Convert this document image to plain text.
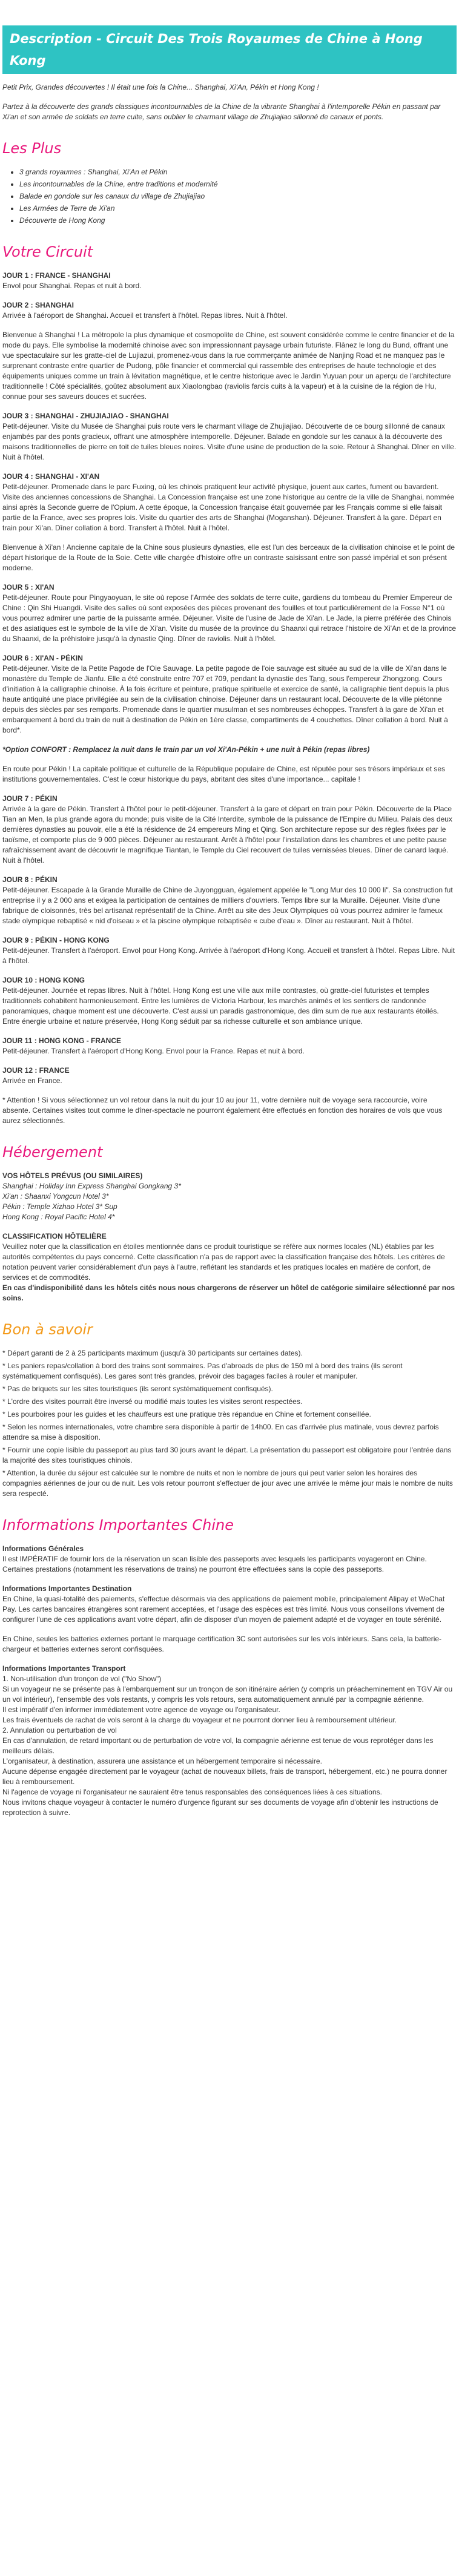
Description - Circuit Des Trois Royaumes de Chine à Hong Kong

Petit Prix, Grandes découvertes ! Il était une fois la Chine... Shanghai, Xi'An, Pékin et Hong Kong !

Partez à la découverte des grands classiques incontournables de la Chine de la vibrante Shanghai à l'intemporelle Pékin en passant par Xi'an et son armée de soldats en terre cuite, sans oublier le charmant village de Zhujiajiao sillonné de canaux et ponts.

Les Plus
• 3 grands royaumes : Shanghai, Xi'An et Pékin
• Les incontournables de la Chine, entre traditions et modernité
• Balade en gondole sur les canaux du village de Zhujiajiao
• Les Armées de Terre de Xi'an
• Découverte de Hong Kong
Votre Circuit
JOUR 1 : FRANCE - SHANGHAI
Envol pour Shanghai. Repas et nuit à bord.
JOUR 2 : SHANGHAI
Arrivée à l'aéroport de Shanghai. Accueil et transfert à l'hôtel. Repas libres. Nuit à l'hôtel.
Bienvenue à Shanghai ! La métropole la plus dynamique et cosmopolite de Chine, est souvent considérée comme le centre financier et de la mode du pays. Elle symbolise la modernité chinoise avec son impressionnant paysage urbain futuriste. Flânez le long du Bund, offrant une vue spectaculaire sur les gratte-ciel de Lujiazui, promenez-vous dans la rue commerçante animée de Nanjing Road et ne manquez pas le surprenant contraste entre quartier de Pudong, pôle financier et commercial qui rassemble des entreprises de haute technologie et des équipements uniques comme un train à lévitation magnétique, et le centre historique avec le Jardin Yuyuan pour un aperçu de l'architecture traditionnelle ! Côté spécialités, goûtez absolument aux Xiaolongbao (raviolis farcis cuits à la vapeur) et à la cuisine de la région de Hu, connue pour ses saveurs douces et sucrées.
JOUR 3 : SHANGHAI - ZHUJIAJIAO - SHANGHAI
Petit-déjeuner. Visite du Musée de Shanghai puis route vers le charmant village de Zhujiajiao. Découverte de ce bourg sillonné de canaux enjambés par des ponts gracieux, offrant une atmosphère intemporelle. Déjeuner. Balade en gondole sur les canaux à la découverte des maisons traditionnelles de pierre en toit de tuiles bleues noires. Visite d'une usine de production de la soie. Retour à Shanghai. Dîner en ville. Nuit à l'hôtel.
JOUR 4 : SHANGHAI - XI'AN
Petit-déjeuner. Promenade dans le parc Fuxing, où les chinois pratiquent leur activité physique, jouent aux cartes, fument ou bavardent. Visite des anciennes concessions de Shanghai. La Concession française est une zone historique au centre de la ville de Shanghai, nommée ainsi après la Seconde guerre de l'Opium. A cette époque, la Concession française était gouvernée par les Français comme si elle faisait partie de la France, avec ses propres lois. Visite du quartier des arts de Shanghai (Moganshan). Déjeuner. Transfert à la gare. Départ en train pour Xi'an. Dîner collation à bord. Transfert à l'hôtel. Nuit à l'hôtel.
Bienvenue à Xi'an ! Ancienne capitale de la Chine sous plusieurs dynasties, elle est l'un des berceaux de la civilisation chinoise et le point de départ historique de la Route de la Soie. Cette ville chargée d'histoire offre un contraste saisissant entre son passé impérial et son présent moderne.
JOUR 5 : XI'AN
Petit-déjeuner. Route pour Pingyaoyuan, le site où repose l'Armée des soldats de terre cuite, gardiens du tombeau du Premier Empereur de Chine : Qin Shi Huangdi. Visite des salles où sont exposées des pièces provenant des fouilles et tout particulièrement de la Fosse N°1 où vous pourrez admirer une partie de la puissante armée. Déjeuner. Visite de l'usine de Jade de Xi'an. Le Jade, la pierre préférée des Chinois et des asiatiques est le symbole de la ville de Xi'an. Visite du musée de la province du Shaanxi qui retrace l'histoire de Xi'An et de la province du Shaanxi, de la préhistoire jusqu'à la dynastie Qing. Dîner de raviolis. Nuit à l'hôtel.
JOUR 6 : XI'AN - PÉKIN
Petit-déjeuner. Visite de la Petite Pagode de l'Oie Sauvage. La petite pagode de l'oie sauvage est située au sud de la ville de Xi'an dans le monastère du Temple de Jianfu. Elle a été construite entre 707 et 709, pendant la dynastie des Tang, sous l'empereur Zhongzong. Cours d'initiation à la calligraphie chinoise. À la fois écriture et peinture, pratique spirituelle et exercice de santé, la calligraphie tient depuis la plus haute antiquité une place privilégiée au sein de la civilisation chinoise. Déjeuner dans un restaurant local. Découverte de la ville piétonne depuis des siècles par ses remparts. Promenade dans le quartier musulman et ses nombreuses échoppes. Transfert à la gare de Xi'an et embarquement à bord du train de nuit à destination de Pékin en 1ère classe, compartiments de 4 couchettes. Dîner collation à bord. Nuit à bord*.
*Option CONFORT : Remplacez la nuit dans le train par un vol Xi'An-Pékin + une nuit à Pékin (repas libres)
En route pour Pékin ! La capitale politique et culturelle de la République populaire de Chine, est réputée pour ses trésors impériaux et ses institutions gouvernementales. C'est le cœur historique du pays, abritant des sites d'une importance... capitale !
JOUR 7 : PÉKIN
Arrivée à la gare de Pékin. Transfert à l'hôtel pour le petit-déjeuner. Transfert à la gare et départ en train pour Pékin. Découverte de la Place Tian an Men, la plus grande agora du monde; puis visite de la Cité Interdite, symbole de la puissance de l'Empire du Milieu. Palais des deux dernières dynasties au pouvoir, elle a été la résidence de 24 empereurs Ming et Qing. Son architecture repose sur des règles fixées par le taoïsme, et comporte plus de 9 000 pièces. Déjeuner au restaurant. Arrêt à l'hôtel pour l'installation dans les chambres et une petite pause rafraîchissement avant de découvrir le magnifique Tiantan, le Temple du Ciel recouvert de tuiles vernissées bleues. Dîner de canard laqué. Nuit à l'hôtel.
JOUR 8 : PÉKIN
Petit-déjeuner. Escapade à la Grande Muraille de Chine de Juyongguan, également appelée le "Long Mur des 10 000 li". Sa construction fut entreprise il y a 2 000 ans et exigea la participation de centaines de milliers d'ouvriers. Temps libre sur la Muraille. Déjeuner. Visite d'une fabrique de cloisonnés, très bel artisanat représentatif de la Chine. Arrêt au site des Jeux Olympiques où vous pourrez admirer le fameux stade olympique rebaptisé « nid d'oiseau » et la piscine olympique rebaptisée « cube d'eau ». Dîner au restaurant. Nuit à l'hôtel.
JOUR 9 : PÉKIN - HONG KONG
Petit-déjeuner. Transfert à l'aéroport. Envol pour Hong Kong. Arrivée à l'aéroport d'Hong Kong. Accueil et transfert à l'hôtel. Repas Libre. Nuit à l'hôtel.
JOUR 10 : HONG KONG
Petit-déjeuner. Journée et repas libres. Nuit à l'hôtel. Hong Kong est une ville aux mille contrastes, où gratte-ciel futuristes et temples traditionnels cohabitent harmonieusement. Entre les lumières de Victoria Harbour, les marchés animés et les sentiers de randonnée panoramiques, chaque moment est une découverte. C'est aussi un paradis gastronomique, des dim sum de rue aux restaurants étoilés. Entre énergie urbaine et nature préservée, Hong Kong séduit par sa richesse culturelle et son ambiance unique.
JOUR 11 : HONG KONG - FRANCE
Petit-déjeuner. Transfert à l'aéroport d'Hong Kong. Envol pour la France. Repas et nuit à bord.
JOUR 12 : FRANCE
Arrivée en France.
* Attention ! Si vous sélectionnez un vol retour dans la nuit du jour 10 au jour 11, votre dernière nuit de voyage sera raccourcie, voire absente. Certaines visites tout comme le dîner-spectacle ne pourront également être effectués en fonction des horaires de vols que vous aurez sélectionnés.
Hébergement
VOS HÔTELS PRÉVUS (OU SIMILAIRES)
Shanghai : Holiday Inn Express Shanghai Gongkang 3*
Xi'an : Shaanxi Yongcun Hotel 3*
Pékin : Temple Xizhao Hotel 3* Sup
Hong Kong : Royal Pacific Hotel 4*
CLASSIFICATION HÔTELIÈRE
Veuillez noter que la classification en étoiles mentionnée dans ce produit touristique se réfère aux normes locales (NL) établies par les autorités compétentes du pays concerné. Cette classification n'a pas de rapport avec la classification française des hôtels. Les critères de notation peuvent varier considérablement d'un pays à l'autre, reflétant les standards et les pratiques locales en matière de confort, de services et de commodités.
En cas d'indisponibilité dans les hôtels cités nous nous chargerons de réserver un hôtel de catégorie similaire sélectionné par nos soins.
Bon à savoir

* Départ garanti de 2 à 25 participants maximum (jusqu'à 30 participants sur certaines dates).

* Les paniers repas/collation à bord des trains sont sommaires. Pas d'abroads de plus de 150 ml à bord des trains (ils seront systématiquement confisqués). Les gares sont très grandes, prévoir des bagages faciles à rouler et manipuler.

* Pas de briquets sur les sites touristiques (ils seront systématiquement confisqués).

* L'ordre des visites pourrait être inversé ou modifié mais toutes les visites seront respectées.

* Les pourboires pour les guides et les chauffeurs est une pratique très répandue en Chine et fortement conseillée.

* Selon les normes internationales, votre chambre sera disponible à partir de 14h00. En cas d'arrivée plus matinale, vous devrez parfois attendre sa mise à disposition.

* Fournir une copie lisible du passeport au plus tard 30 jours avant le départ. La présentation du passeport est obligatoire pour l'entrée dans la majorité des sites touristiques chinois.

* Attention, la durée du séjour est calculée sur le nombre de nuits et non le nombre de jours qui peut varier selon les horaires des compagnies aériennes de jour ou de nuit. Les vols retour pourront s'effectuer de jour avec une arrivée le même jour mais le nombre de nuits sera respecté.

Informations Importantes Chine
Informations Générales
Il est IMPÉRATIF de fournir lors de la réservation un scan lisible des passeports avec lesquels les participants voyageront en Chine. Certaines prestations (notamment les réservations de trains) ne pourront être effectuées sans la copie des passeports.
Informations Importantes Destination
En Chine, la quasi-totalité des paiements, s'effectue désormais via des applications de paiement mobile, principalement Alipay et WeChat Pay. Les cartes bancaires étrangères sont rarement acceptées, et l'usage des espèces est très limité. Nous vous conseillons vivement de configurer l'une de ces applications avant votre départ, afin de disposer d'un moyen de paiement adapté et de voyager en toute sérénité.
En Chine, seules les batteries externes portant le marquage certification 3C sont autorisées sur les vols intérieurs. Sans cela, la batterie-chargeur et batteries externes seront confisquées.
Informations Importantes Transport
1. Non-utilisation d'un tronçon de vol ("No Show")
Si un voyageur ne se présente pas à l'embarquement sur un tronçon de son itinéraire aérien (y compris un préacheminement en TGV Air ou un vol intérieur), l'ensemble des vols restants, y compris les vols retours, sera automatiquement annulé par la compagnie aérienne.
Il est impératif d'en informer immédiatement votre agence de voyage ou l'organisateur.
Les frais éventuels de rachat de vols seront à la charge du voyageur et ne pourront donner lieu à remboursement ultérieur.
2. Annulation ou perturbation de vol
En cas d'annulation, de retard important ou de perturbation de votre vol, la compagnie aérienne est tenue de vous reprotéger dans les meilleurs délais.
L'organisateur, à destination, assurera une assistance et un hébergement temporaire si nécessaire.
Aucune dépense engagée directement par le voyageur (achat de nouveaux billets, frais de transport, hébergement, etc.) ne pourra donner lieu à remboursement.
Ni l'agence de voyage ni l'organisateur ne sauraient être tenus responsables des conséquences liées à ces situations.
Nous invitons chaque voyageur à contacter le numéro d'urgence figurant sur ses documents de voyage afin d'obtenir les instructions de reprotection à suivre.
